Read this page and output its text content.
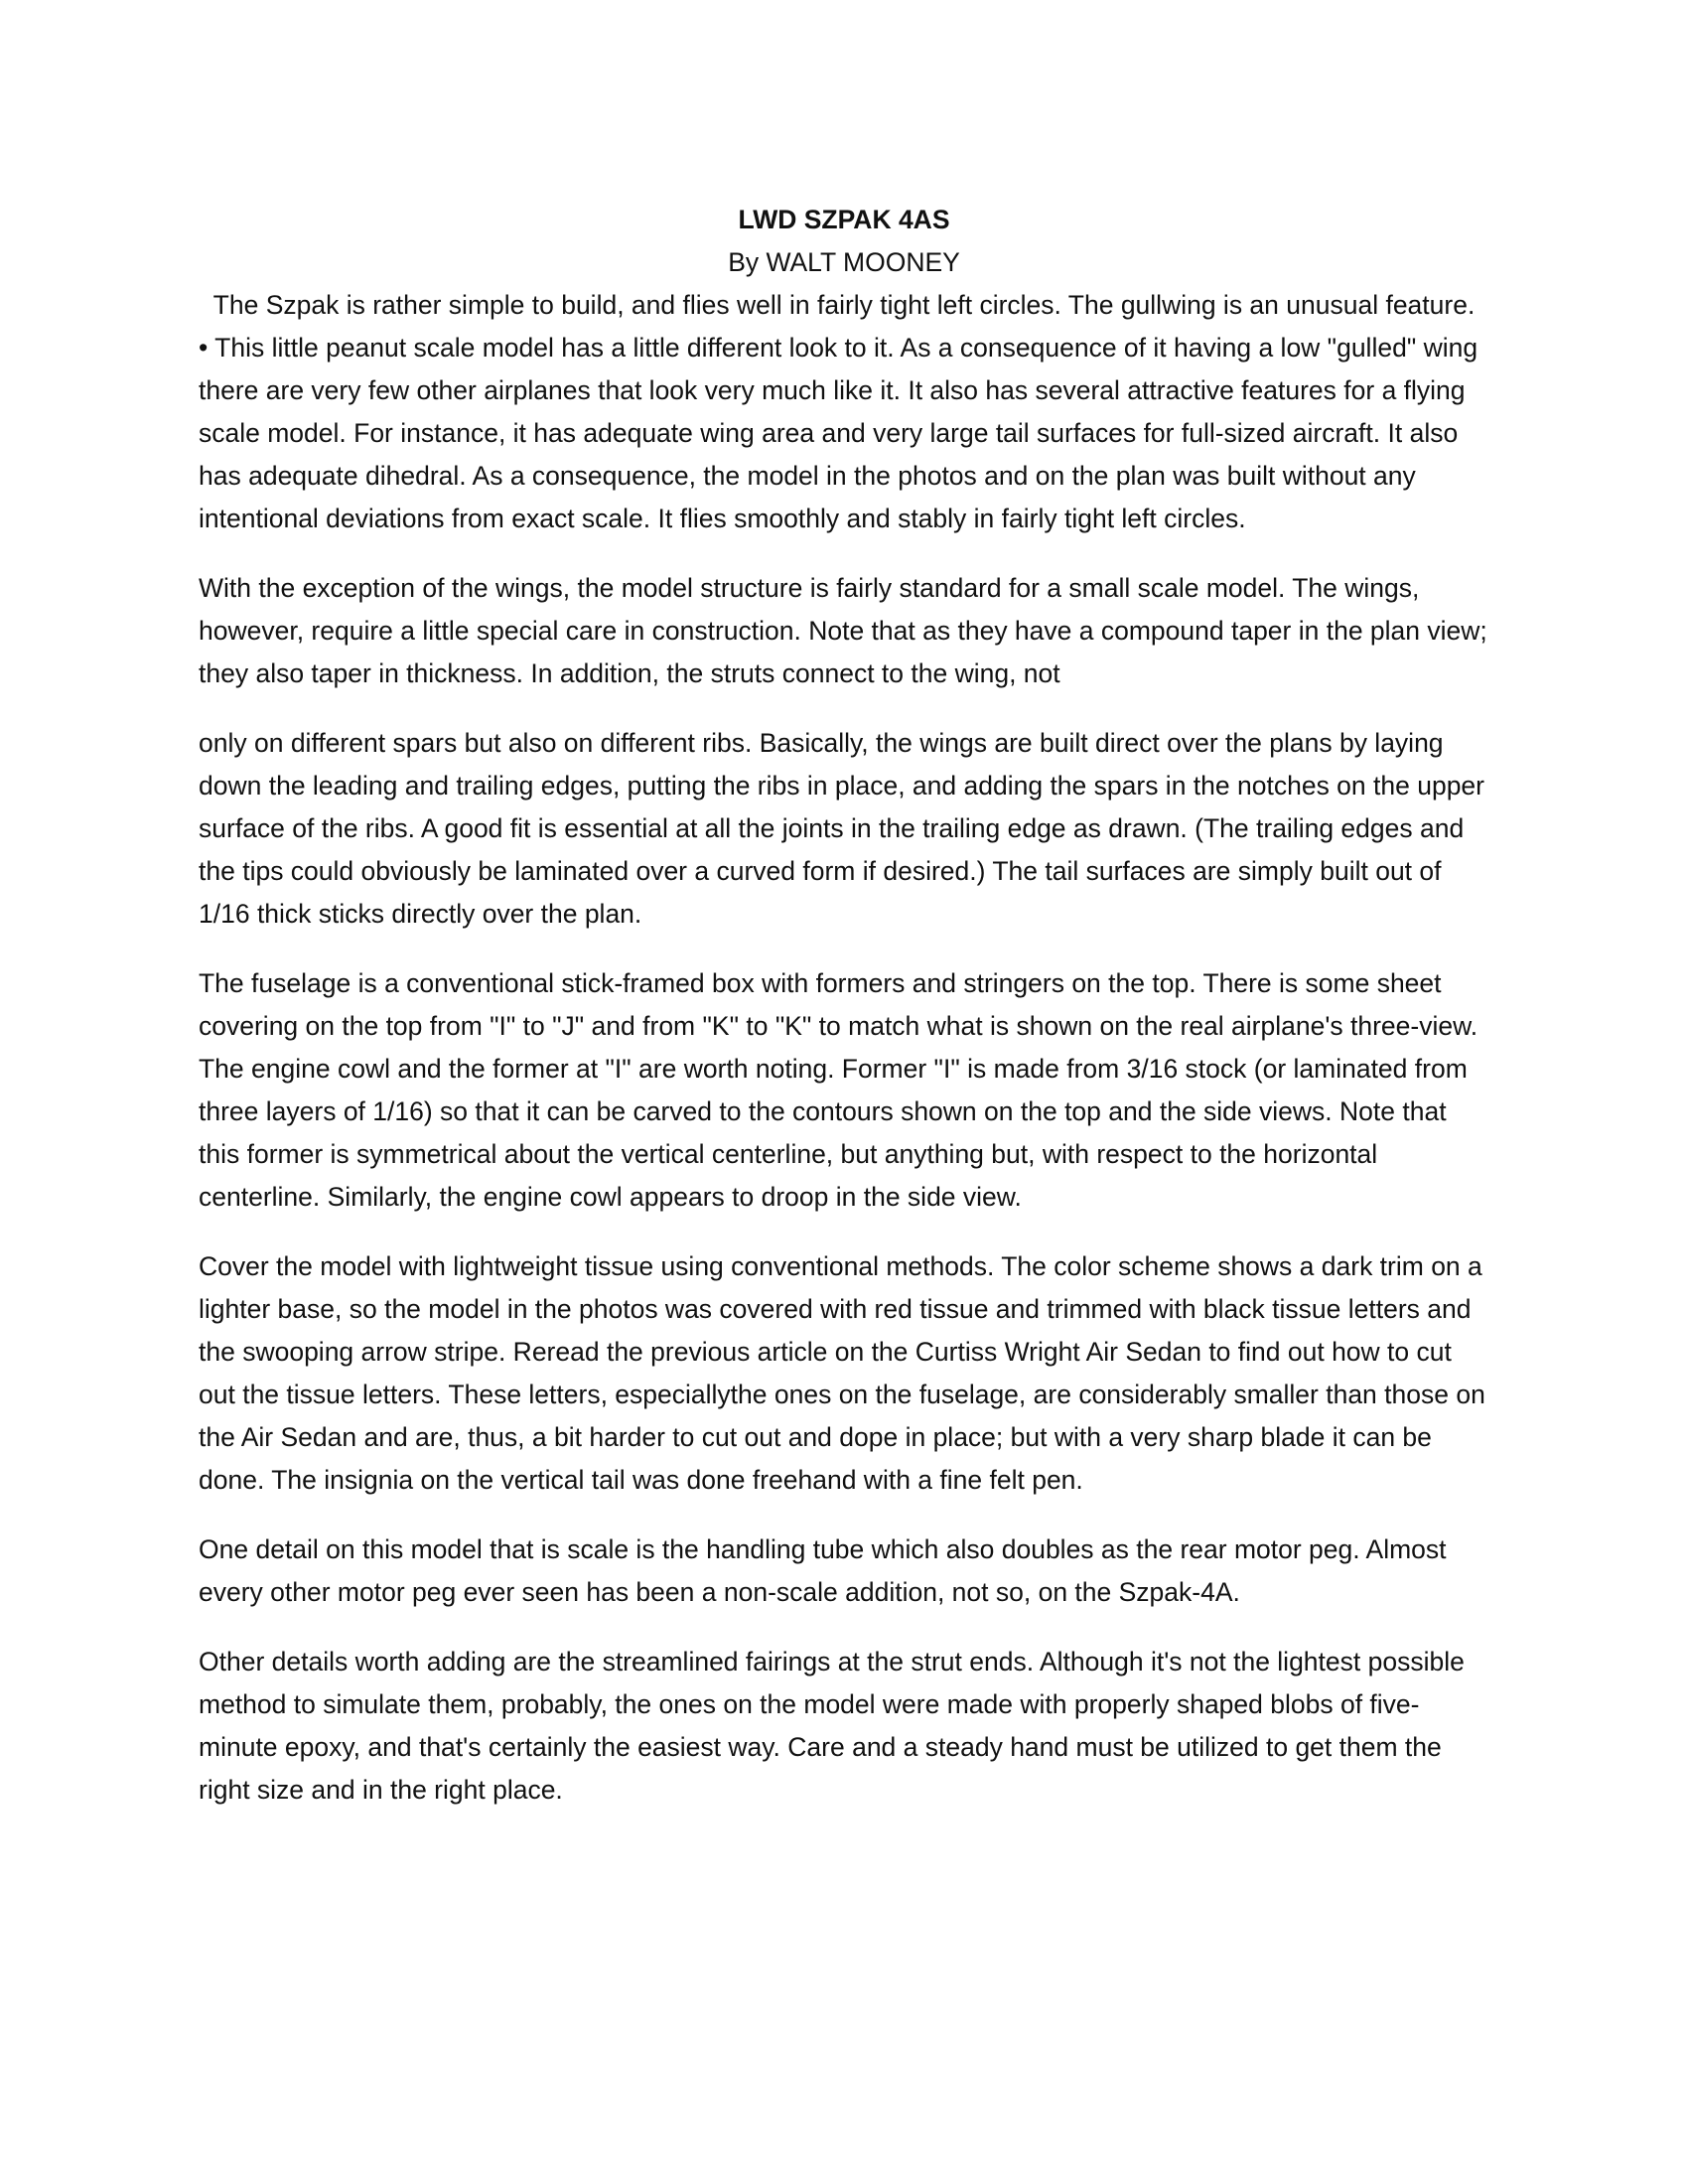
LWD SZPAK 4AS

By WALT MOONEY

The Szpak is rather simple to build, and flies well in fairly tight left circles. The gullwing is an unusual feature.

• This little peanut scale model has a little different look to it. As a consequence of it having a low "gulled" wing there are very few other airplanes that look very much like it. It also has several attractive features for a flying scale model. For instance, it has adequate wing area and very large tail surfaces for full-sized aircraft. It also has adequate dihedral. As a consequence, the model in the photos and on the plan was built without any intentional deviations from exact scale. It flies smoothly and stably in fairly tight left circles.

With the exception of the wings, the model structure is fairly standard for a small scale model. The wings, however, require a little special care in construction. Note that as they have a compound taper in the plan view; they also taper in thickness. In addition, the struts connect to the wing, not

only on different spars but also on different ribs. Basically, the wings are built direct over the plans by laying down the leading and trailing edges, putting the ribs in place, and adding the spars in the notches on the upper surface of the ribs. A good fit is essential at all the joints in the trailing edge as drawn. (The trailing edges and the tips could obviously be laminated over a curved form if desired.) The tail surfaces are simply built out of 1/16 thick sticks directly over the plan.

The fuselage is a conventional stick-framed box with formers and stringers on the top. There is some sheet covering on the top from "I" to "J" and from "K" to "K" to match what is shown on the real airplane's three-view. The engine cowl and the former at "I" are worth noting. Former "I" is made from 3/16 stock (or laminated from three layers of 1/16) so that it can be carved to the contours shown on the top and the side views. Note that this former is symmetrical about the vertical centerline, but anything but, with respect to the horizontal centerline. Similarly, the engine cowl appears to droop in the side view.

Cover the model with lightweight tissue using conventional methods. The color scheme shows a dark trim on a lighter base, so the model in the photos was covered with red tissue and trimmed with black tissue letters and the swooping arrow stripe. Reread the previous article on the Curtiss Wright Air Sedan to find out how to cut out the tissue letters. These letters, especiallythe ones on the fuselage, are considerably smaller than those on the Air Sedan and are, thus, a bit harder to cut out and dope in place; but with a very sharp blade it can be done. The insignia on the vertical tail was done freehand with a fine felt pen.

One detail on this model that is scale is the handling tube which also doubles as the rear motor peg. Almost every other motor peg ever seen has been a non-scale addition, not so, on the Szpak-4A.

Other details worth adding are the streamlined fairings at the strut ends. Although it's not the lightest possible method to simulate them, probably, the ones on the model were made with properly shaped blobs of five-minute epoxy, and that's certainly the easiest way. Care and a steady hand must be utilized to get them the right size and in the right place.
